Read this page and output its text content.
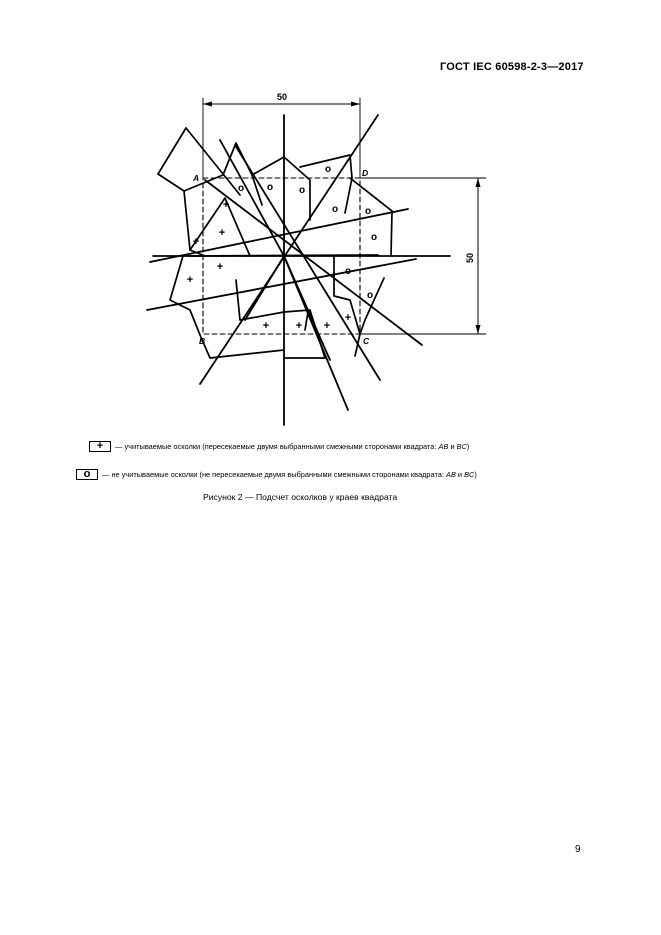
ГОСТ IEC 60598-2-3—2017
A	D
B	C
50
50
+
+
+
+
+
+ + +
+
o o	o
o
o	o
o
o
o
+	— учитываемые осколки (пересекаемые двумя выбранными смежными сторонами квадрата: AB и BC)
o	— не учитываемые осколки (не пересекаемые двумя выбранными смежными сторонами квадрата: AB и BC)
Рисунок 2 — Подсчет осколков у краев квадрата
9
